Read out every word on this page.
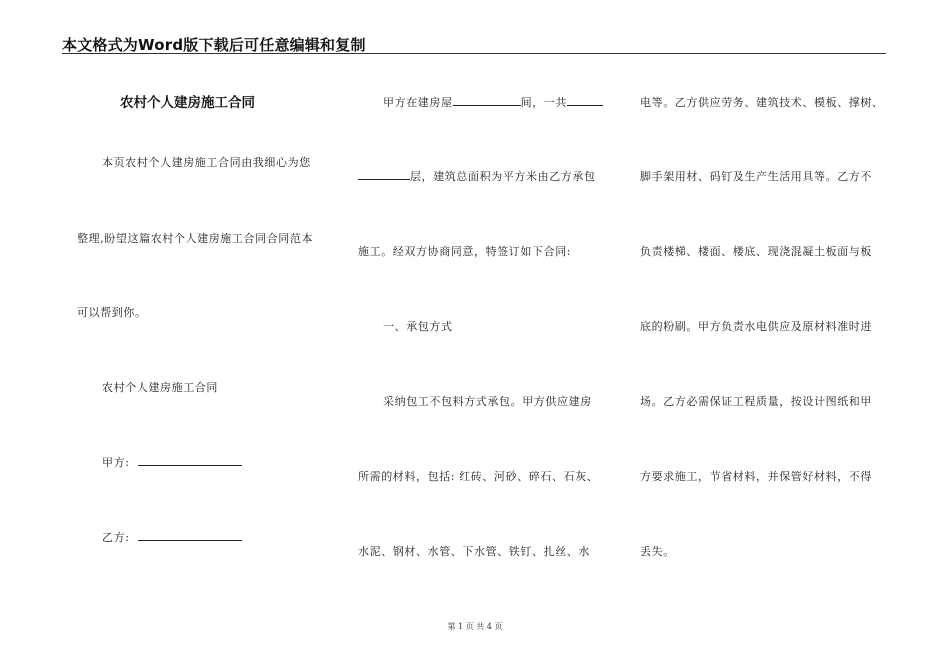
本文格式为Word版下载后可任意编辑和复制
农村个人建房施工合同
本页农村个人建房施工合同由我细心为您
整理,盼望这篇农村个人建房施工合同合同范本
可以帮到你。
农村个人建房施工合同
甲方:
乙方:
甲方在建房屋	间，一共
层，建筑总面积为平方米由乙方承包
施工。经双方协商同意，特签订如下合同:
一、承包方式
采纳包工不包料方式承包。甲方供应建房
所需的材料，包括: 红砖、河砂、碎石、石灰、
水泥、钢材、水管、下水管、铁钉、扎丝、水
电等。乙方供应劳务、建筑技术、模板、撑树、
脚手架用材、码钉及生产生活用具等。乙方不
负责楼梯、楼面、楼底、现浇混凝土板面与板
底的粉刷。甲方负责水电供应及原材料准时进
场。乙方必需保证工程质量，按设计图纸和甲
方要求施工，节省材料，并保管好材料，不得
丢失。
第 1 页 共 4 页
